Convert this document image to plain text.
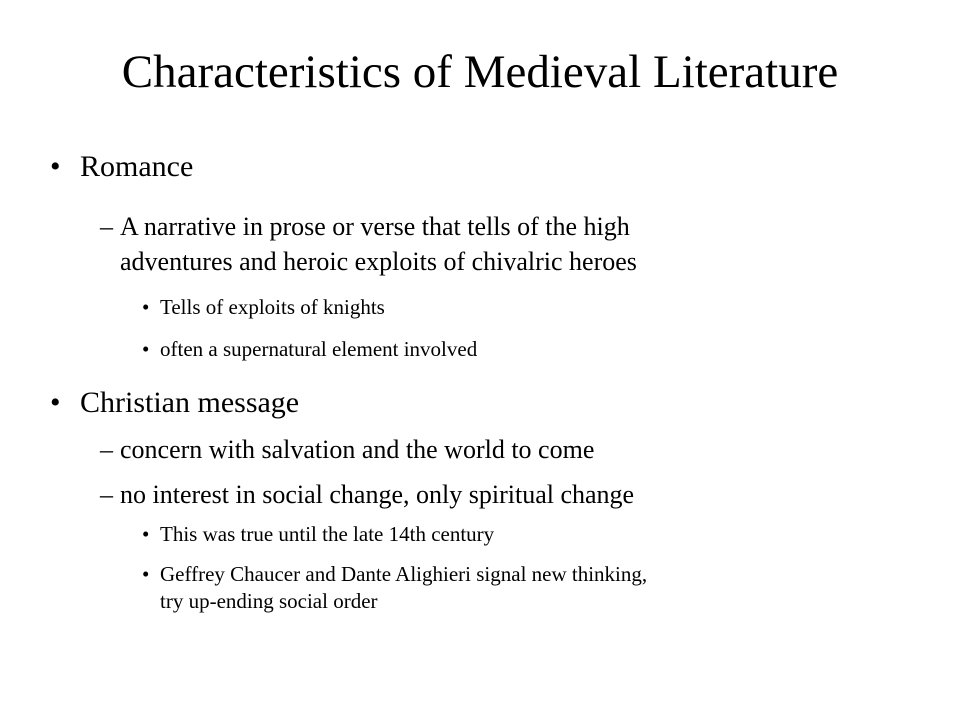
Characteristics of Medieval Literature
• Romance
– A narrative in prose or verse that tells of the high
adventures and heroic exploits of chivalric heroes
• Tells of exploits of knights
• often a supernatural element involved
• Christian message
– concern with salvation and the world to come
– no interest in social change, only spiritual change
• This was true until the late 14th century
• Geffrey Chaucer and Dante Alighieri signal new thinking,
try up-ending social order
